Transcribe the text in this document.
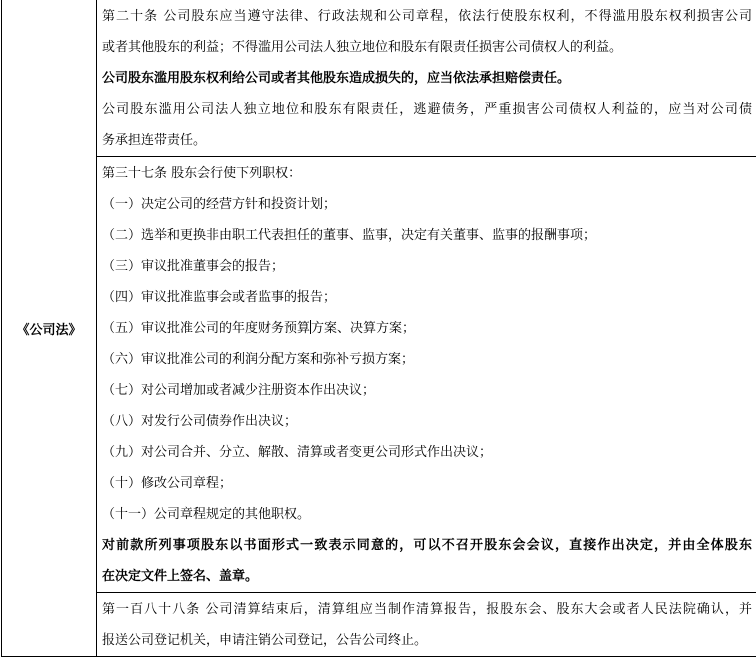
《公司法》	
第二十条 公司股东应当遵守法律、行政法规和公司章程，依法行使股东权利，不得滥用股东权利损害公司
或者其他股东的利益；不得滥用公司法人独立地位和股东有限责任损害公司债权人的利益。
公司股东滥用股东权利给公司或者其他股东造成损失的，应当依法承担赔偿责任。
公司股东滥用公司法人独立地位和股东有限责任，逃避债务，严重损害公司债权人利益的，应当对公司债
务承担连带责任。

第三十七条 股东会行使下列职权：
（一）决定公司的经营方针和投资计划；
（二）选举和更换非由职工代表担任的董事、监事，决定有关董事、监事的报酬事项；
（三）审议批准董事会的报告；
（四）审议批准监事会或者监事的报告；
（五）审议批准公司的年度财务预算方案、决算方案；
（六）审议批准公司的利润分配方案和弥补亏损方案；
（七）对公司增加或者减少注册资本作出决议；
（八）对发行公司债券作出决议；
（九）对公司合并、分立、解散、清算或者变更公司形式作出决议；
（十）修改公司章程；
（十一）公司章程规定的其他职权。
对前款所列事项股东以书面形式一致表示同意的，可以不召开股东会会议，直接作出决定，并由全体股东
在决定文件上签名、盖章。

第一百八十八条 公司清算结束后，清算组应当制作清算报告，报股东会、股东大会或者人民法院确认，并
报送公司登记机关，申请注销公司登记，公告公司终止。
